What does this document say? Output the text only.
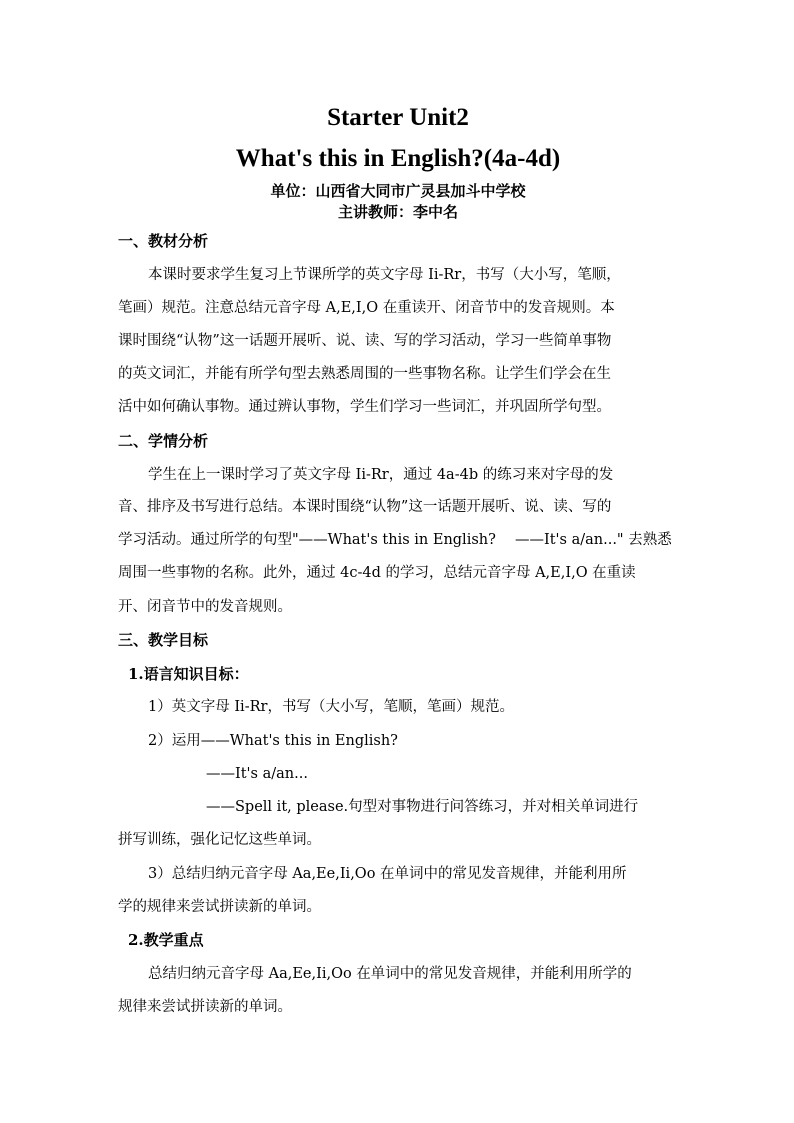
Starter Unit2
What's this in English?(4a-4d)
单位：山西省大同市广灵县加斗中学校
主讲教师：李中名
一、教材分析
本课时要求学生复习上节课所学的英文字母 Ii-Rr，书写（大小写，笔顺，
笔画）规范。注意总结元音字母 A,E,I,O 在重读开、闭音节中的发音规则。本
课时围绕“认物”这一话题开展听、说、读、写的学习活动，学习一些简单事物
的英文词汇，并能有所学句型去熟悉周围的一些事物名称。让学生们学会在生
活中如何确认事物。通过辨认事物，学生们学习一些词汇，并巩固所学句型。
二、学情分析
学生在上一课时学习了英文字母 Ii-Rr，通过 4a-4b 的练习来对字母的发
音、排序及书写进行总结。本课时围绕“认物”这一话题开展听、说、读、写的
学习活动。通过所学的句型"——What's this in English?　 ——It's a/an..." 去熟悉
周围一些事物的名称。此外，通过 4c-4d 的学习，总结元音字母 A,E,I,O 在重读
开、闭音节中的发音规则。
三、教学目标
1.语言知识目标：
1）英文字母 Ii-Rr，书写（大小写，笔顺，笔画）规范。
2）运用——What's this in English?
——It's a/an...
——Spell it, please.句型对事物进行问答练习，并对相关单词进行
拼写训练，强化记忆这些单词。
3）总结归纳元音字母 Aa,Ee,Ii,Oo 在单词中的常见发音规律，并能利用所
学的规律来尝试拼读新的单词。
2.教学重点
总结归纳元音字母 Aa,Ee,Ii,Oo 在单词中的常见发音规律，并能利用所学的
规律来尝试拼读新的单词。
